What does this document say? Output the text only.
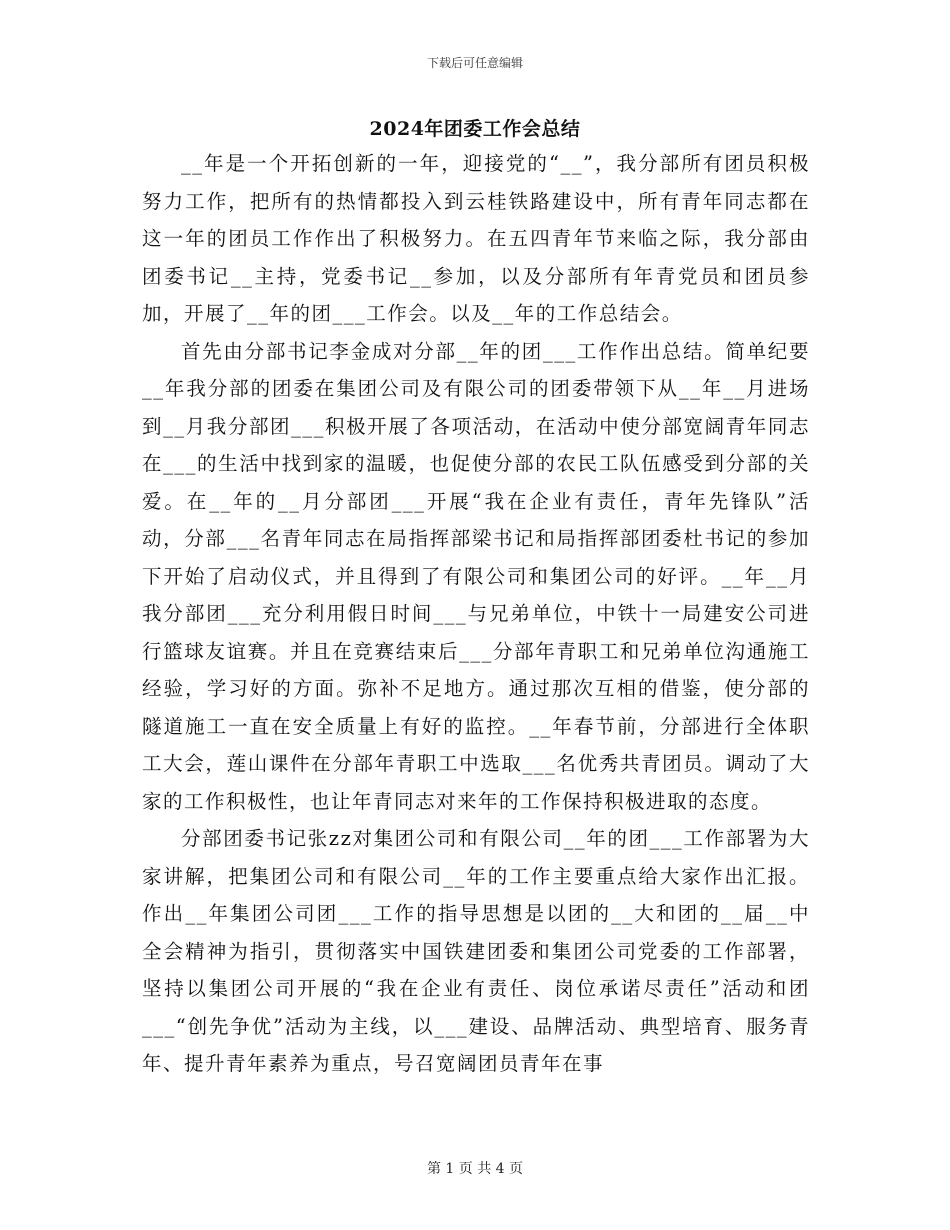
下载后可任意编辑
2024年团委工作会总结

__年是一个开拓创新的一年，迎接党的“__”，我分部所有团员积极努力工作，把所有的热情都投入到云桂铁路建设中，所有青年同志都在这一年的团员工作作出了积极努力。在五四青年节来临之际，我分部由团委书记__主持，党委书记__参加，以及分部所有年青党员和团员参加，开展了__年的团___工作会。以及__年的工作总结会。

首先由分部书记李金成对分部__年的团___工作作出总结。简单纪要__年我分部的团委在集团公司及有限公司的团委带领下从__年__月进场到__月我分部团___积极开展了各项活动，在活动中使分部宽阔青年同志在___的生活中找到家的温暖，也促使分部的农民工队伍感受到分部的关爱。在__年的__月分部团___开展“我在企业有责任，青年先锋队”活动，分部___名青年同志在局指挥部梁书记和局指挥部团委杜书记的参加下开始了启动仪式，并且得到了有限公司和集团公司的好评。__年__月我分部团___充分利用假日时间___与兄弟单位，中铁十一局建安公司进行篮球友谊赛。并且在竞赛结束后___分部年青职工和兄弟单位沟通施工经验，学习好的方面。弥补不足地方。通过那次互相的借鉴，使分部的隧道施工一直在安全质量上有好的监控。__年春节前，分部进行全体职工大会，莲山课件在分部年青职工中选取___名优秀共青团员。调动了大家的工作积极性，也让年青同志对来年的工作保持积极进取的态度。

分部团委书记张zz对集团公司和有限公司__年的团___工作部署为大家讲解，把集团公司和有限公司__年的工作主要重点给大家作出汇报。作出__年集团公司团___工作的指导思想是以团的__大和团的__届__中全会精神为指引，贯彻落实中国铁建团委和集团公司党委的工作部署，坚持以集团公司开展的“我在企业有责任、岗位承诺尽责任”活动和团___“创先争优”活动为主线，以___建设、品牌活动、典型培育、服务青年、提升青年素养为重点，号召宽阔团员青年在事

第 1 页 共 4 页
